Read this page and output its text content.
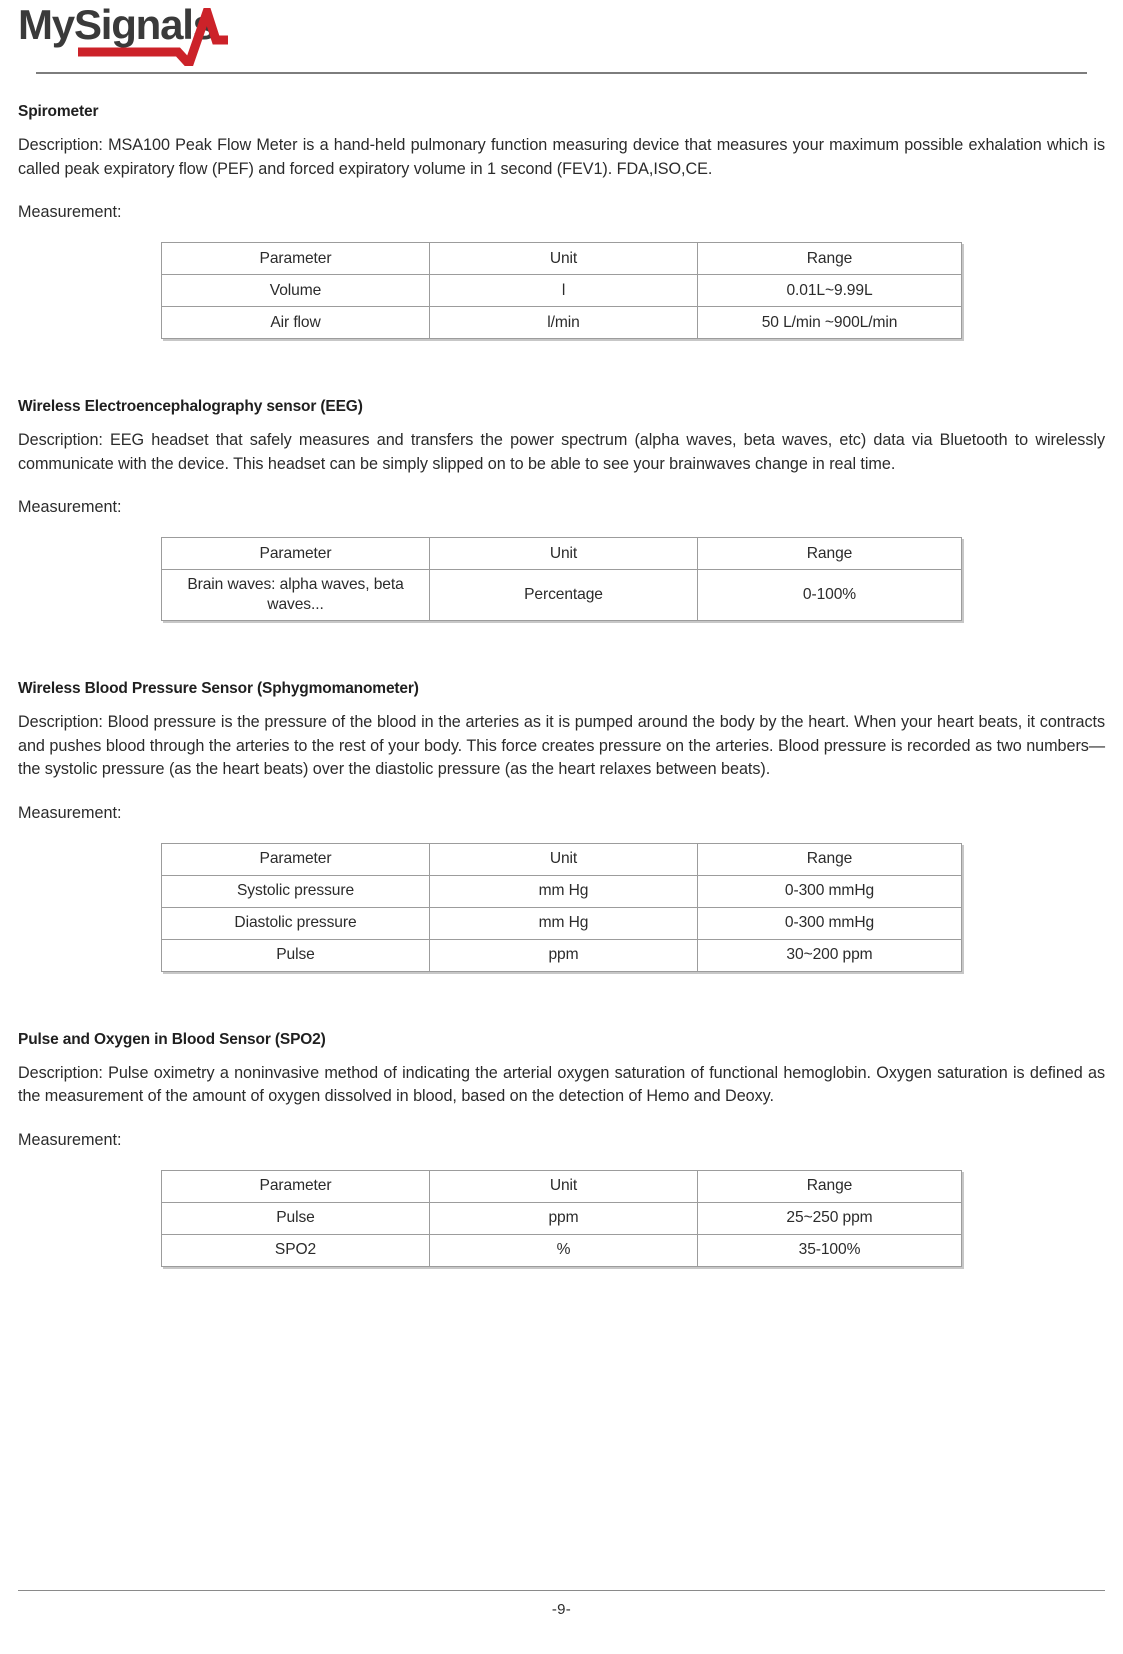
MySignals
Spirometer

Description: MSA100 Peak Flow Meter is a hand-held pulmonary function measuring device that measures your maximum possible exhalation which is called peak expiratory flow (PEF) and forced expiratory volume in 1 second (FEV1). FDA,ISO,CE.

Measurement:

Parameter	Unit	Range
Volume	l	0.01L~9.99L
Air flow	l/min	50 L/min ~900L/min
Wireless Electroencephalography sensor (EEG)

Description: EEG headset that safely measures and transfers the power spectrum (alpha waves, beta waves, etc) data via Bluetooth to wirelessly communicate with the device. This headset can be simply slipped on to be able to see your brainwaves change in real time.

Measurement:

Parameter	Unit	Range
Brain waves: alpha waves, beta waves...	Percentage	0-100%
Wireless Blood Pressure Sensor (Sphygmomanometer)

Description: Blood pressure is the pressure of the blood in the arteries as it is pumped around the body by the heart. When your heart beats, it contracts and pushes blood through the arteries to the rest of your body. This force creates pressure on the arteries. Blood pressure is recorded as two numbers—the systolic pressure (as the heart beats) over the diastolic pressure (as the heart relaxes between beats).

Measurement:

Parameter	Unit	Range
Systolic pressure	mm Hg	0-300 mmHg
Diastolic pressure	mm Hg	0-300 mmHg
Pulse	ppm	30~200 ppm
Pulse and Oxygen in Blood Sensor (SPO2)

Description: Pulse oximetry a noninvasive method of indicating the arterial oxygen saturation of functional hemoglobin. Oxygen saturation is defined as the measurement of the amount of oxygen dissolved in blood, based on the detection of Hemo and Deoxy.

Measurement:

Parameter	Unit	Range
Pulse	ppm	25~250 ppm
SPO2	%	35-100%
-9-
